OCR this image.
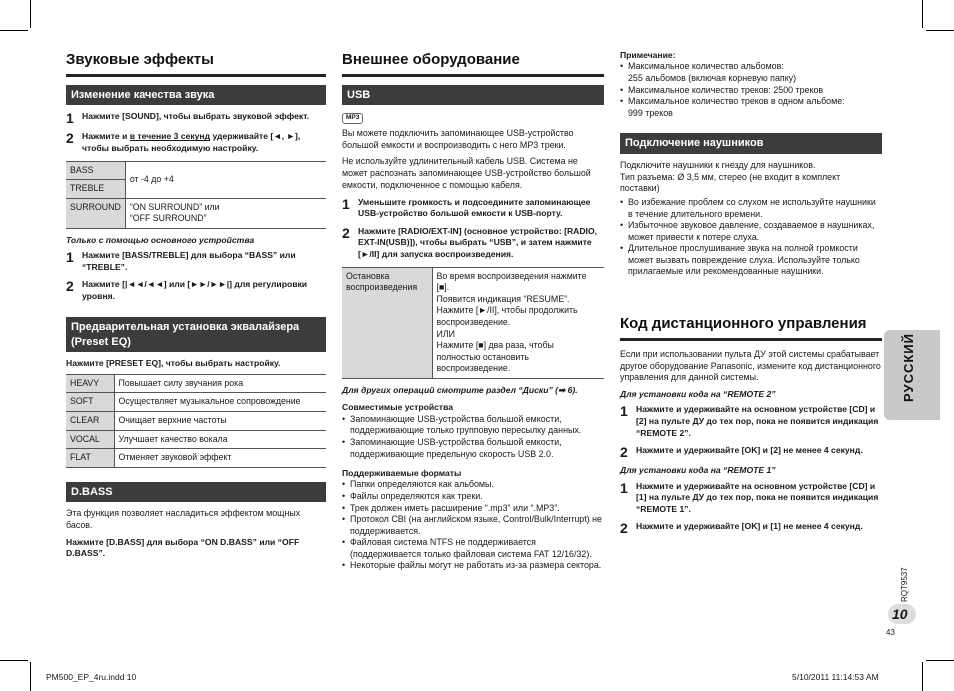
Звуковые эффекты
Изменение качества звука
1 Нажмите [SOUND], чтобы выбрать звуковой эффект.
2 Нажмите и в течение 3 секунд удерживайте [◄, ►], чтобы выбрать необходимую настройку.
BASS	от -4 до +4
TREBLE	
SURROUND	“ON SURROUND” или
“OFF SURROUND”
Только с помощью основного устройства
1 Нажмите [BASS/TREBLE] для выбора “BASS” или “TREBLE”.
2 Нажмите [|◄◄/◄◄] или [►►/►►|] для регулировки уровня.
Предварительная установка эквалайзера (Preset EQ)
Нажмите [PRESET EQ], чтобы выбрать настройку.
HEAVY	Повышает силу звучания рока
SOFT	Осуществляет музыкальное сопровождение
CLEAR	Очищает верхние частоты
VOCAL	Улучшает качество вокала
FLAT	Отменяет звуковой эффект
D.BASS
Эта функция позволяет насладиться эффектом мощных басов.
Нажмите [D.BASS] для выбора “ON D.BASS” или “OFF D.BASS”.
Внешнее оборудование
USB
MP3
Вы можете подключить запоминающее USB-устройство большой емкости и воспроизводить с него MP3 треки.
Не используйте удлинительный кабель USB. Система не может распознать запоминающее USB-устройство большой емкости, подключенное с помощью кабеля.
1 Уменьшите громкость и подсоедините запоминающее USB-устройство большой емкости к USB-порту.
2 Нажмите [RADIO/EXT-IN] (основное устройство: [RADIO, EXT-IN(USB)]), чтобы выбрать “USB”, и затем нажмите [►/II] для запуска воспроизведения.
Остановка воспроизведения	Во время воспроизведения нажмите [■].
Появится индикация “RESUME”.
Нажмите [►/II], чтобы продолжить воспроизведение.
ИЛИ
Нажмите [■] два раза, чтобы полностью остановить воспроизведение.
Для других операций смотрите раздел “Диски” (➡ 6).
Совместимые устройства
• Запоминающие USB-устройства большой емкости, поддерживающие только групповую пересылку данных.
• Запоминающие USB-устройства большой емкости, поддерживающие предельную скорость USB 2.0.
Поддерживаемые форматы
• Папки определяются как альбомы.
• Файлы определяются как треки.
• Трек должен иметь расширение “.mp3” или “.MP3”.
• Протокол CBI (на английском языке, Control/Bulk/Interrupt) не поддерживается.
• Файловая система NTFS не поддерживается (поддерживается только файловая система FAT 12/16/32).
• Некоторые файлы могут не работать из-за размера сектора.
Примечание:
• Максимальное количество альбомов:
255 альбомов (включая корневую папку)
• Максимальное количество треков: 2500 треков
• Максимальное количество треков в одном альбоме:
999 треков
Подключение наушников
Подключите наушники к гнезду для наушников.
Тип разъема: Ø 3,5 мм, стерео (не входит в комплект поставки)
• Во избежание проблем со слухом не используйте наушники в течение длительного времени.
• Избыточное звуковое давление, создаваемое в наушниках, может привести к потере слуха.
• Длительное прослушивание звука на полной громкости может вызвать повреждение слуха. Используйте только прилагаемые или рекомендованные наушники.
Код дистанционного управления
Если при использовании пульта ДУ этой системы срабатывает другое оборудование Panasonic, измените код дистанционного управления для данной системы.
Для установки кода на “REMOTE 2”
1 Нажмите и удерживайте на основном устройстве [CD] и [2] на пульте ДУ до тех пор, пока не появится индикация “REMOTE 2”.
2 Нажмите и удерживайте [OK] и [2] не менее 4 секунд.
Для установки кода на “REMOTE 1”
1 Нажмите и удерживайте на основном устройстве [CD] и [1] на пульте ДУ до тех пор, пока не появится индикация “REMOTE 1”.
2 Нажмите и удерживайте [OK] и [1] не менее 4 секунд.
РУССКИЙ
RQT9537
10
43
PM500_EP_4ru.indd 10	5/10/2011 11:14:53 AM
